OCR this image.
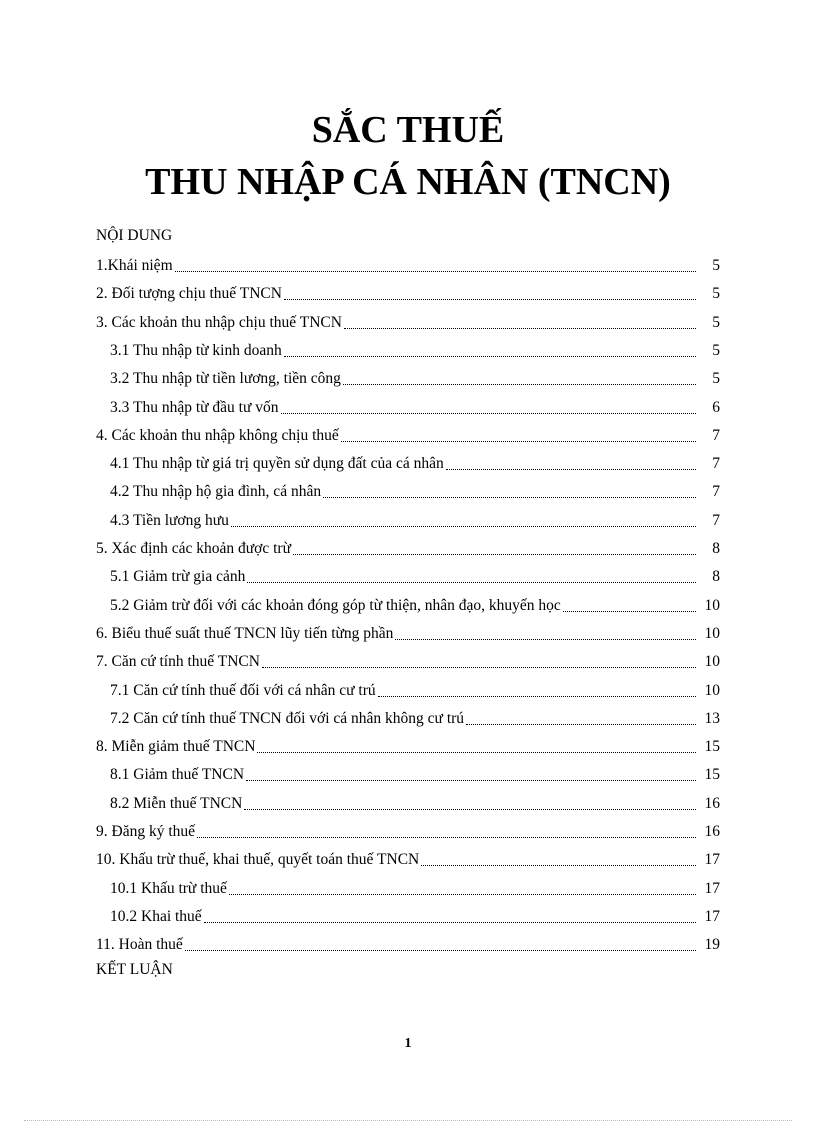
SẮC THUẾ
THU NHẬP CÁ NHÂN (TNCN)
NỘI DUNG
1.Khái niệm	5
2. Đối tượng chịu thuế TNCN	5
3. Các khoản thu nhập chịu thuế TNCN	5
3.1 Thu nhập từ kinh doanh	5
3.2 Thu nhập từ tiền lương, tiền công	5
3.3 Thu nhập từ đầu tư vốn	6
4. Các khoản thu nhập không chịu thuế	7
4.1 Thu nhập từ giá trị quyền sử dụng đất của cá nhân	7
4.2 Thu nhập hộ gia đình, cá nhân	7
4.3 Tiền lương hưu	7
5. Xác định các khoản được trừ	8
5.1 Giảm trừ gia cảnh	8
5.2 Giảm trừ đối với các khoản đóng góp từ thiện, nhân đạo, khuyến học	10
6. Biểu thuế suất thuế TNCN lũy tiến từng phần	10
7. Căn cứ tính thuế TNCN	10
7.1 Căn cứ tính thuế đối với cá nhân cư trú	10
7.2 Căn cứ tính thuế TNCN đối với cá nhân không cư trú	13
8. Miễn giảm thuế TNCN	15
8.1 Giảm thuế TNCN	15
8.2 Miễn thuế TNCN	16
9. Đăng ký thuế	16
10. Khấu trừ thuế, khai thuế, quyết toán thuế TNCN	17
10.1 Khấu trừ thuế	17
10.2 Khai thuế	17
11. Hoàn thuế	19
KẾT LUẬN
1
